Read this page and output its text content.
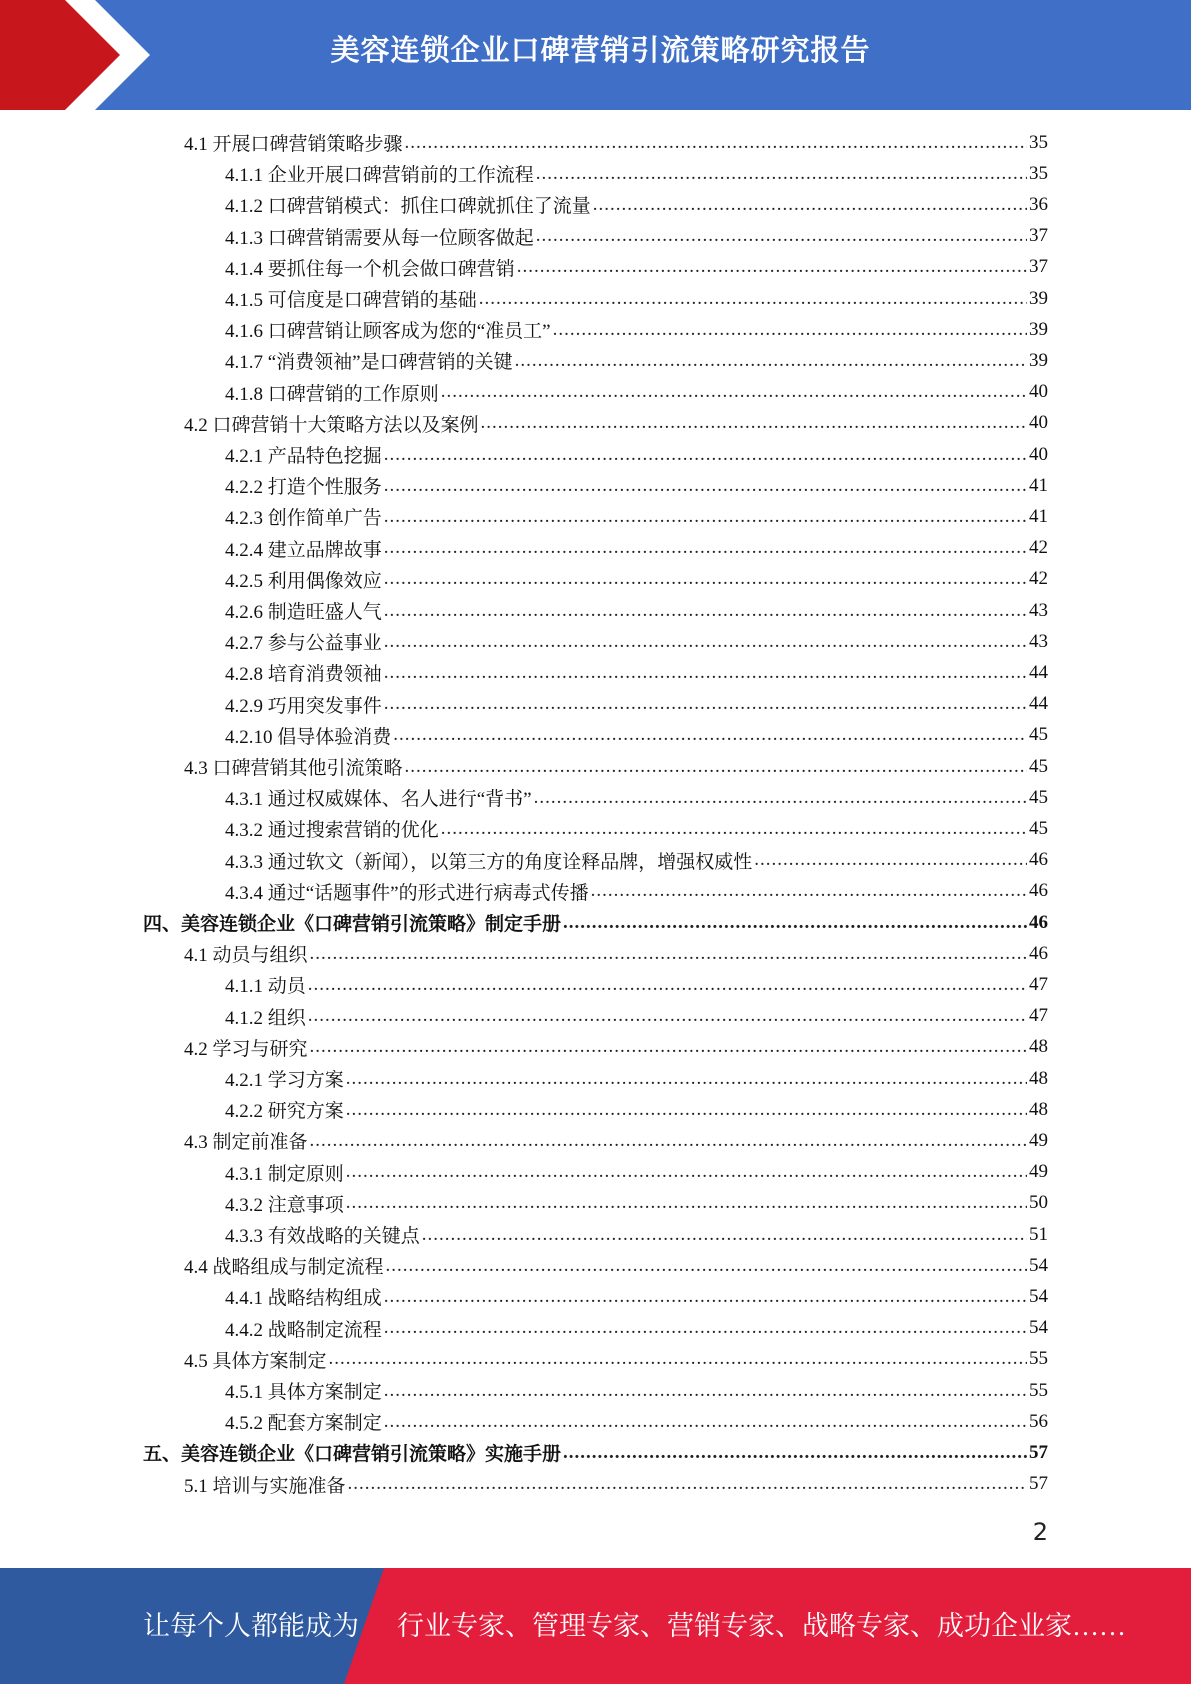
美容连锁企业口碑营销引流策略研究报告
4.1 开展口碑营销策略步骤 .....	35
4.1.1 企业开展口碑营销前的工作流程 .....	35
4.1.2 口碑营销模式：抓住口碑就抓住了流量 .....	36
4.1.3 口碑营销需要从每一位顾客做起 .....	37
4.1.4 要抓住每一个机会做口碑营销 .....	37
4.1.5 可信度是口碑营销的基础 .....	39
4.1.6 口碑营销让顾客成为您的“准员工” .....	39
4.1.7 “消费领袖”是口碑营销的关键 .....	39
4.1.8 口碑营销的工作原则 .....	40
4.2 口碑营销十大策略方法以及案例 .....	40
4.2.1 产品特色挖掘 .....	40
4.2.2 打造个性服务 .....	41
4.2.3 创作简单广告 .....	41
4.2.4 建立品牌故事 .....	42
4.2.5 利用偶像效应 .....	42
4.2.6 制造旺盛人气 .....	43
4.2.7 参与公益事业 .....	43
4.2.8 培育消费领袖 .....	44
4.2.9 巧用突发事件 .....	44
4.2.10 倡导体验消费 .....	45
4.3 口碑营销其他引流策略 .....	45
4.3.1 通过权威媒体、名人进行“背书” .....	45
4.3.2 通过搜索营销的优化 .....	45
4.3.3 通过软文（新闻），以第三方的角度诠释品牌，增强权威性 .....	46
4.3.4 通过“话题事件”的形式进行病毒式传播 .....	46
四、美容连锁企业《口碑营销引流策略》制定手册 .....	46
4.1 动员与组织 .....	46
4.1.1 动员 .....	47
4.1.2 组织 .....	47
4.2 学习与研究 .....	48
4.2.1 学习方案 .....	48
4.2.2 研究方案 .....	48
4.3 制定前准备 .....	49
4.3.1 制定原则 .....	49
4.3.2 注意事项 .....	50
4.3.3 有效战略的关键点 .....	51
4.4 战略组成与制定流程 .....	54
4.4.1 战略结构组成 .....	54
4.4.2 战略制定流程 .....	54
4.5 具体方案制定 .....	55
4.5.1 具体方案制定 .....	55
4.5.2 配套方案制定 .....	56
五、美容连锁企业《口碑营销引流策略》实施手册 .....	57
5.1 培训与实施准备 .....	57
2
让每个人都能成为 行业专家、管理专家、营销专家、战略专家、成功企业家……
